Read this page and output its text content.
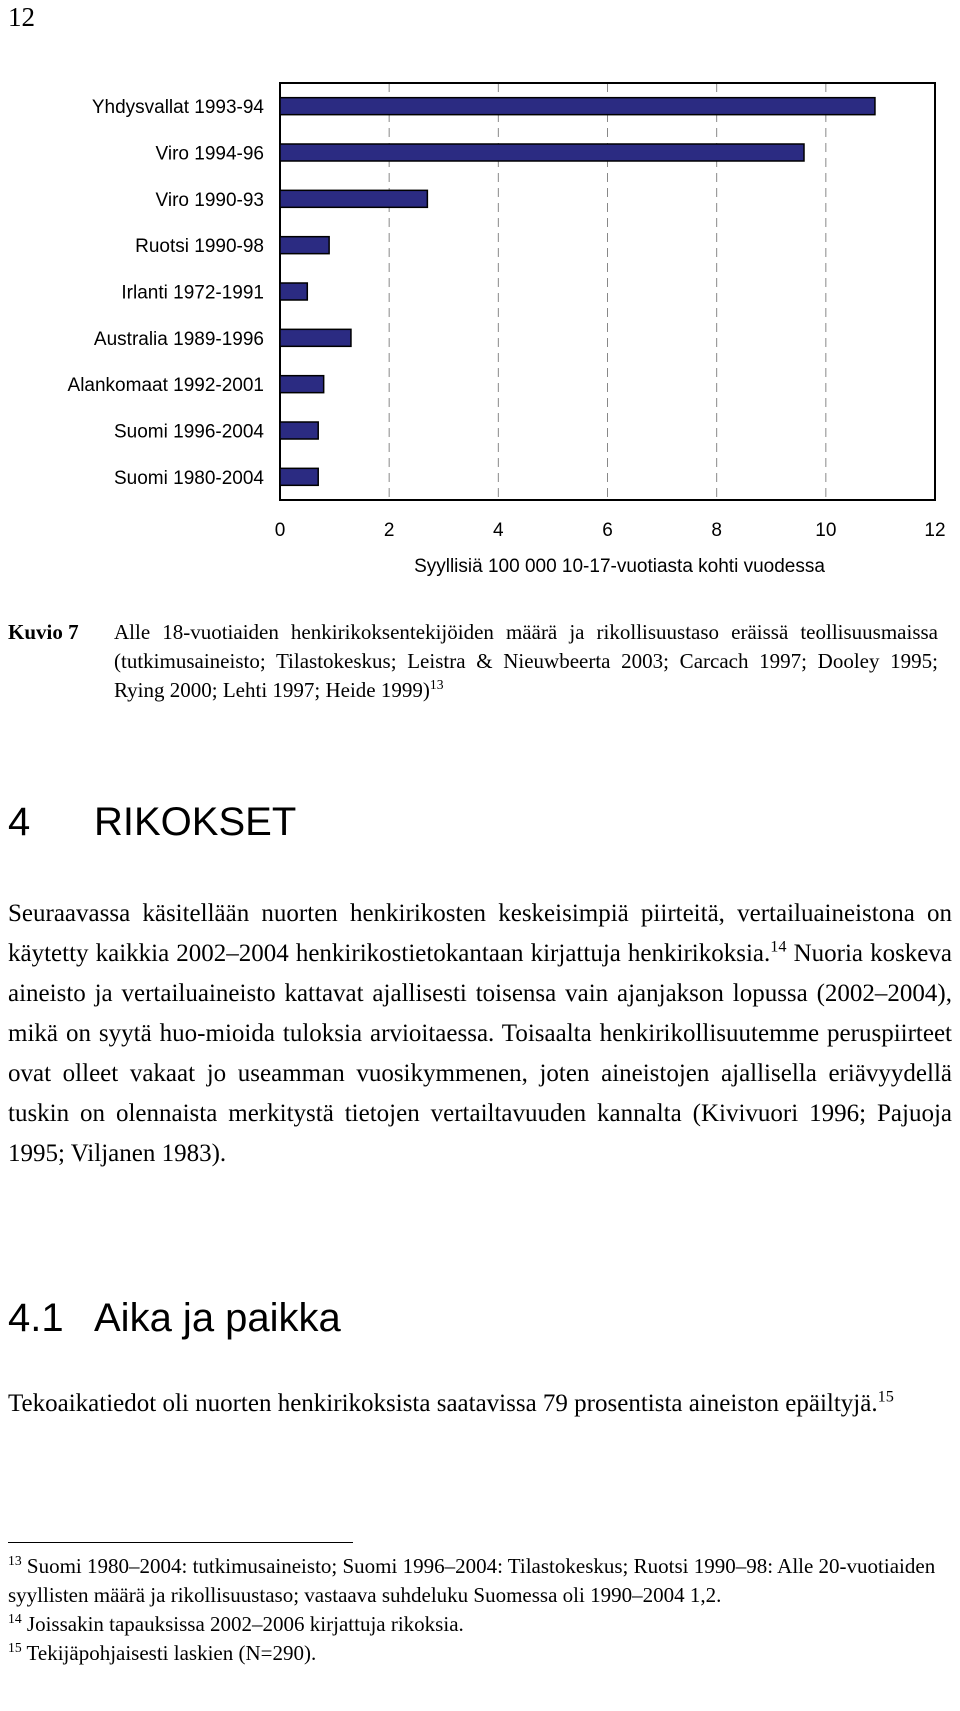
12
Yhdysvallat 1993-94
Viro 1994-96
Viro 1990-93
Ruotsi 1990-98
Irlanti 1972-1991
Australia 1989-1996
Alankomaat 1992-2001
Suomi 1996-2004
Suomi 1980-2004
0	2	4	6	8	10	12
Syyllisiä 100 000 10-17-vuotiasta kohti vuodessa
Kuvio 7 Alle 18-vuotiaiden henkirikoksentekijöiden määrä ja rikollisuustaso eräissä teollisuusmaissa (tutkimusaineisto; Tilastokeskus; Leistra & Nieuwbeerta 2003; Carcach 1997; Dooley 1995; Rying 2000; Lehti 1997; Heide 1999)$^{13}$
4 RIKOKSET
Seuraavassa käsitellään nuorten henkirikosten keskeisimpiä piirteitä, vertailuaineistona on käytetty kaikkia 2002–2004 henkirikostietokantaan kirjattuja henkirikoksia.$^{14}$ Nuoria koskeva aineisto ja vertailuaineisto kattavat ajallisesti toisensa vain ajanjakson lopussa (2002–2004), mikä on syytä huo-mioida tuloksia arvioitaessa. Toisaalta henkirikollisuutemme peruspiirteet ovat olleet vakaat jo useamman vuosikymmenen, joten aineistojen ajallisella eriävyydellä tuskin on olennaista merkitystä tietojen vertailtavuuden kannalta (Kivivuori 1996; Pajuoja 1995; Viljanen 1983).
4.1 Aika ja paikka
Tekoaikatiedot oli nuorten henkirikoksista saatavissa 79 prosentista aineiston epäiltyjä.$^{15}$

$^{13}$ Suomi 1980–2004: tutkimusaineisto; Suomi 1996–2004: Tilastokeskus; Ruotsi 1990–98: Alle 20-vuotiaiden syyllisten määrä ja rikollisuustaso; vastaava suhdeluku Suomessa oli 1990–2004 1,2.

$^{14}$ Joissakin tapauksissa 2002–2006 kirjattuja rikoksia.

$^{15}$ Tekijäpohjaisesti laskien (N=290).
